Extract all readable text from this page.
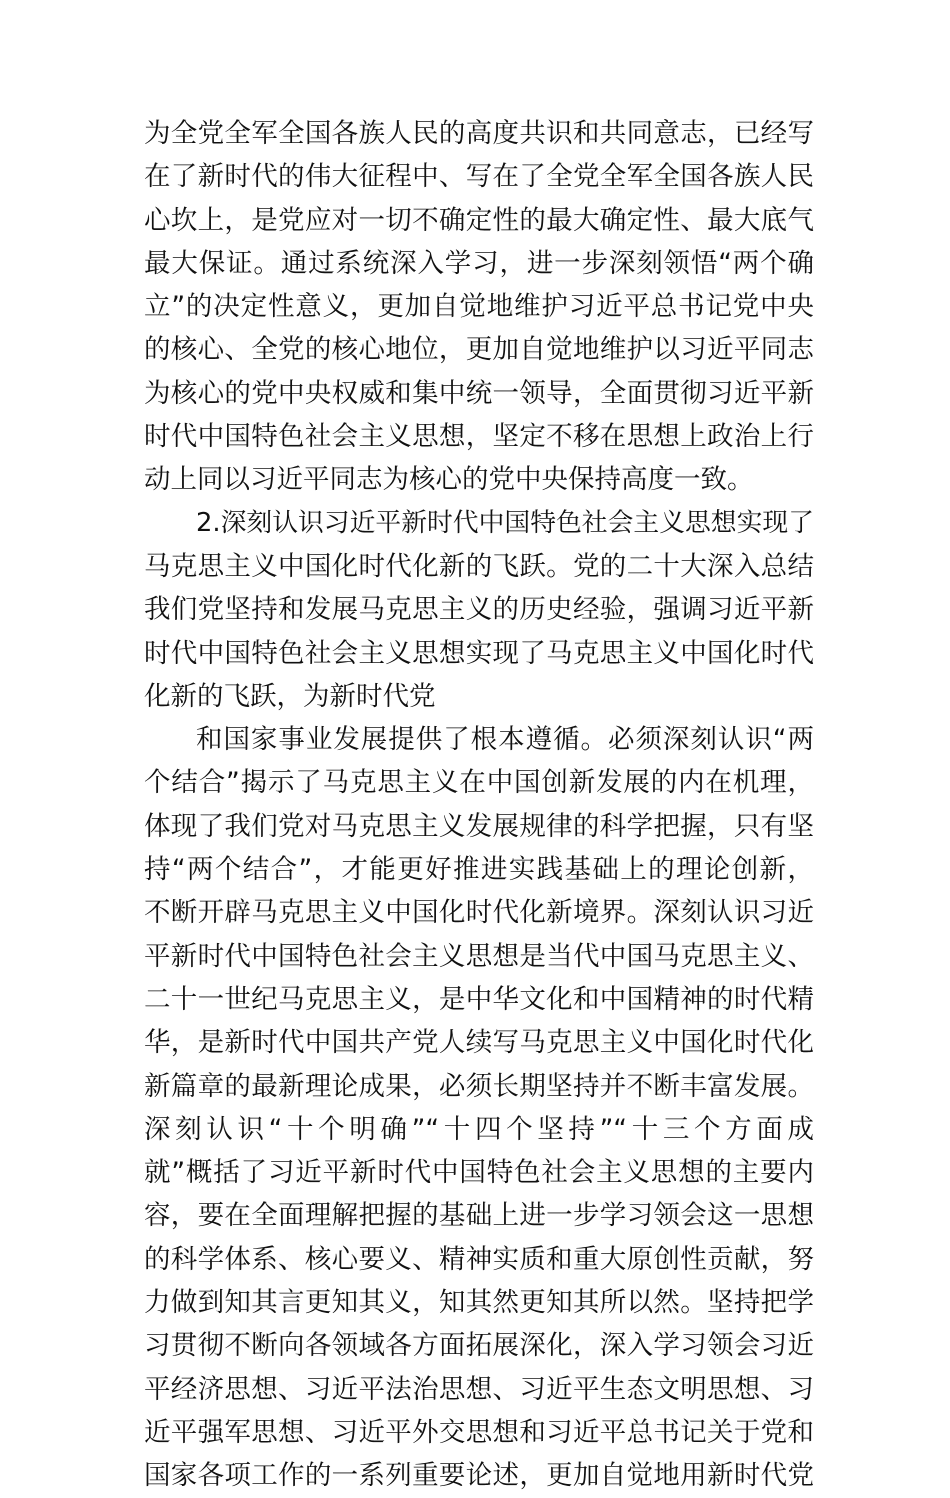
为全党全军全国各族人民的高度共识和共同意志，已经写
在了新时代的伟大征程中、写在了全党全军全国各族人民
心坎上，是党应对一切不确定性的最大确定性、最大底气
最大保证。通过系统深入学习，进一步深刻领悟“两个确
立”的决定性意义，更加自觉地维护习近平总书记党中央
的核心、全党的核心地位，更加自觉地维护以习近平同志
为核心的党中央权威和集中统一领导，全面贯彻习近平新
时代中国特色社会主义思想，坚定不移在思想上政治上行
动上同以习近平同志为核心的党中央保持高度一致。
2.深刻认识习近平新时代中国特色社会主义思想实现了
马克思主义中国化时代化新的飞跃。党的二十大深入总结
我们党坚持和发展马克思主义的历史经验，强调习近平新
时代中国特色社会主义思想实现了马克思主义中国化时代
化新的飞跃，为新时代党
和国家事业发展提供了根本遵循。必须深刻认识“两
个结合”揭示了马克思主义在中国创新发展的内在机理，
体现了我们党对马克思主义发展规律的科学把握，只有坚
持“两个结合”，才能更好推进实践基础上的理论创新，
不断开辟马克思主义中国化时代化新境界。深刻认识习近
平新时代中国特色社会主义思想是当代中国马克思主义、
二十一世纪马克思主义，是中华文化和中国精神的时代精
华，是新时代中国共产党人续写马克思主义中国化时代化
新篇章的最新理论成果，必须长期坚持并不断丰富发展。
深刻认识“十个明确”“十四个坚持”“十三个方面成
就”概括了习近平新时代中国特色社会主义思想的主要内
容，要在全面理解把握的基础上进一步学习领会这一思想
的科学体系、核心要义、精神实质和重大原创性贡献，努
力做到知其言更知其义，知其然更知其所以然。坚持把学
习贯彻不断向各领域各方面拓展深化，深入学习领会习近
平经济思想、习近平法治思想、习近平生态文明思想、习
近平强军思想、习近平外交思想和习近平总书记关于党和
国家各项工作的一系列重要论述，更加自觉地用新时代党
